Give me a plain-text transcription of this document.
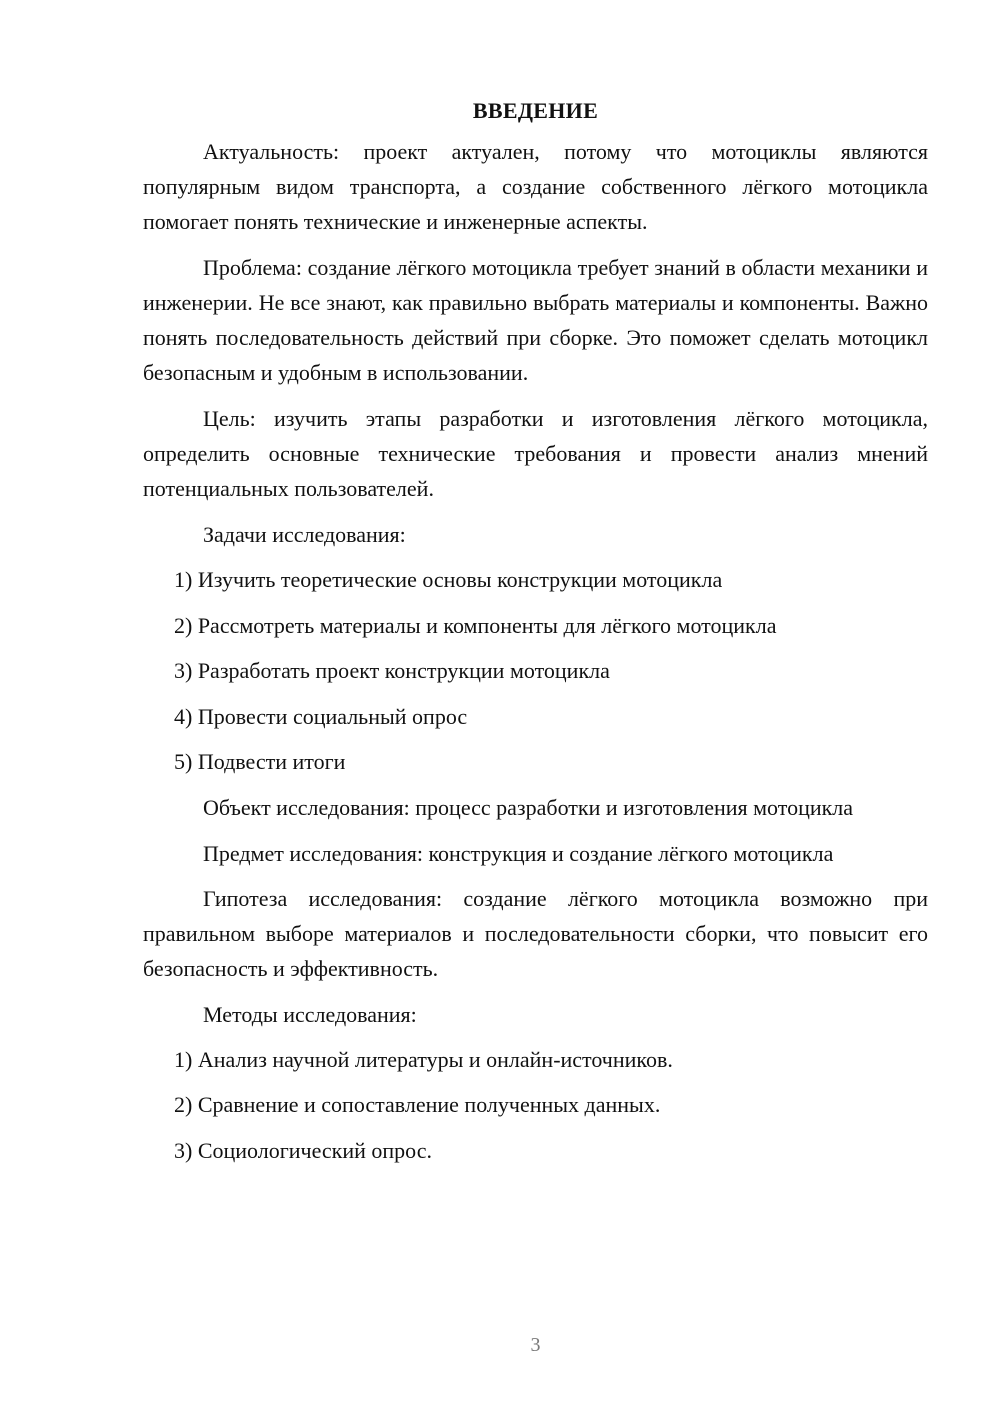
ВВЕДЕНИЕ

Актуальность: проект актуален, потому что мотоциклы являются популярным видом транспорта, а создание собственного лёгкого мотоцикла помогает понять технические и инженерные аспекты.

Проблема: создание лёгкого мотоцикла требует знаний в области механики и инженерии. Не все знают, как правильно выбрать материалы и компоненты. Важно понять последовательность действий при сборке. Это поможет сделать мотоцикл безопасным и удобным в использовании.

Цель: изучить этапы разработки и изготовления лёгкого мотоцикла, определить основные технические требования и провести анализ мнений потенциальных пользователей.

Задачи исследования:

1) Изучить теоретические основы конструкции мотоцикла
2) Рассмотреть материалы и компоненты для лёгкого мотоцикла
3) Разработать проект конструкции мотоцикла
4) Провести социальный опрос
5) Подвести итоги

Объект исследования: процесс разработки и изготовления мотоцикла

Предмет исследования: конструкция и создание лёгкого мотоцикла

Гипотеза исследования: создание лёгкого мотоцикла возможно при правильном выборе материалов и последовательности сборки, что повысит его безопасность и эффективность.

Методы исследования:

1) Анализ научной литературы и онлайн-источников.
2) Сравнение и сопоставление полученных данных.
3) Социологический опрос.
3
